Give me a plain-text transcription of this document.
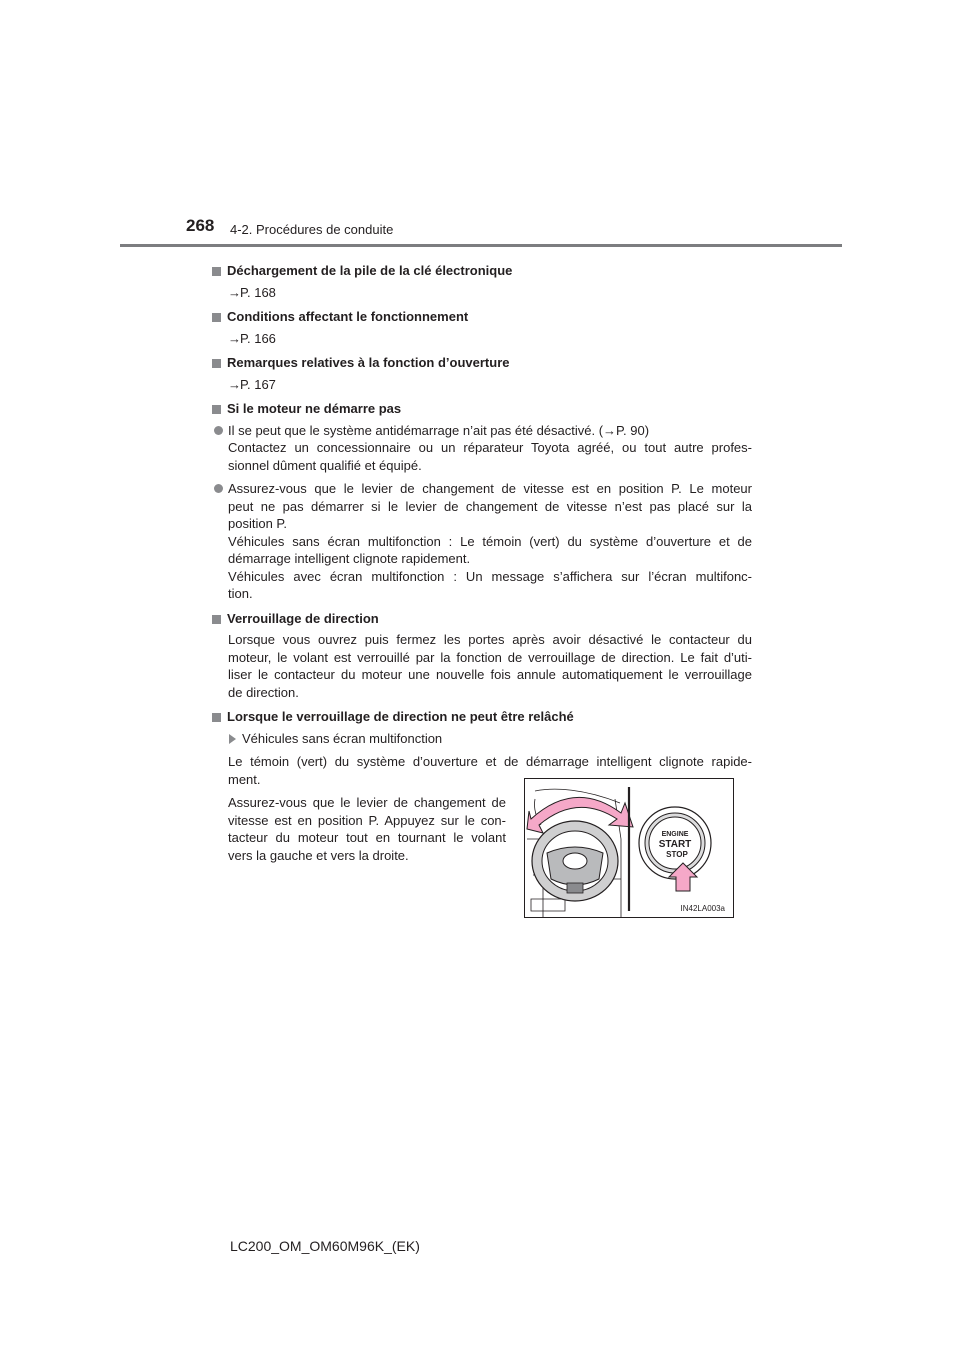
268 4-2. Procédures de conduite
Déchargement de la pile de la clé électronique
→P. 168
Conditions affectant le fonctionnement
→P. 166
Remarques relatives à la fonction d’ouverture
→P. 167
Si le moteur ne démarre pas
Il se peut que le système antidémarrage n’ait pas été désactivé. (→P. 90)
Contactez un concessionnaire ou un réparateur Toyota agréé, ou tout autre profes-
sionnel dûment qualifié et équipé.
Assurez-vous que le levier de changement de vitesse est en position P. Le moteur
peut ne pas démarrer si le levier de changement de vitesse n’est pas placé sur la
position P.
Véhicules sans écran multifonction : Le témoin (vert) du système d’ouverture et de
démarrage intelligent clignote rapidement.
Véhicules avec écran multifonction : Un message s’affichera sur l’écran multifonc-
tion.
Verrouillage de direction
Lorsque vous ouvrez puis fermez les portes après avoir désactivé le contacteur du
moteur, le volant est verrouillé par la fonction de verrouillage de direction. Le fait d’uti-
liser le contacteur du moteur une nouvelle fois annule automatiquement le verrouillage
de direction.
Lorsque le verrouillage de direction ne peut être relâché
Véhicules sans écran multifonction
Le témoin (vert) du système d’ouverture et de démarrage intelligent clignote rapide-
ment.
Assurez-vous que le levier de changement de
vitesse est en position P. Appuyez sur le con-
tacteur du moteur tout en tournant le volant
vers la gauche et vers la droite.
ENGINE
START
STOP
IN42LA003a
LC200_OM_OM60M96K_(EK)
